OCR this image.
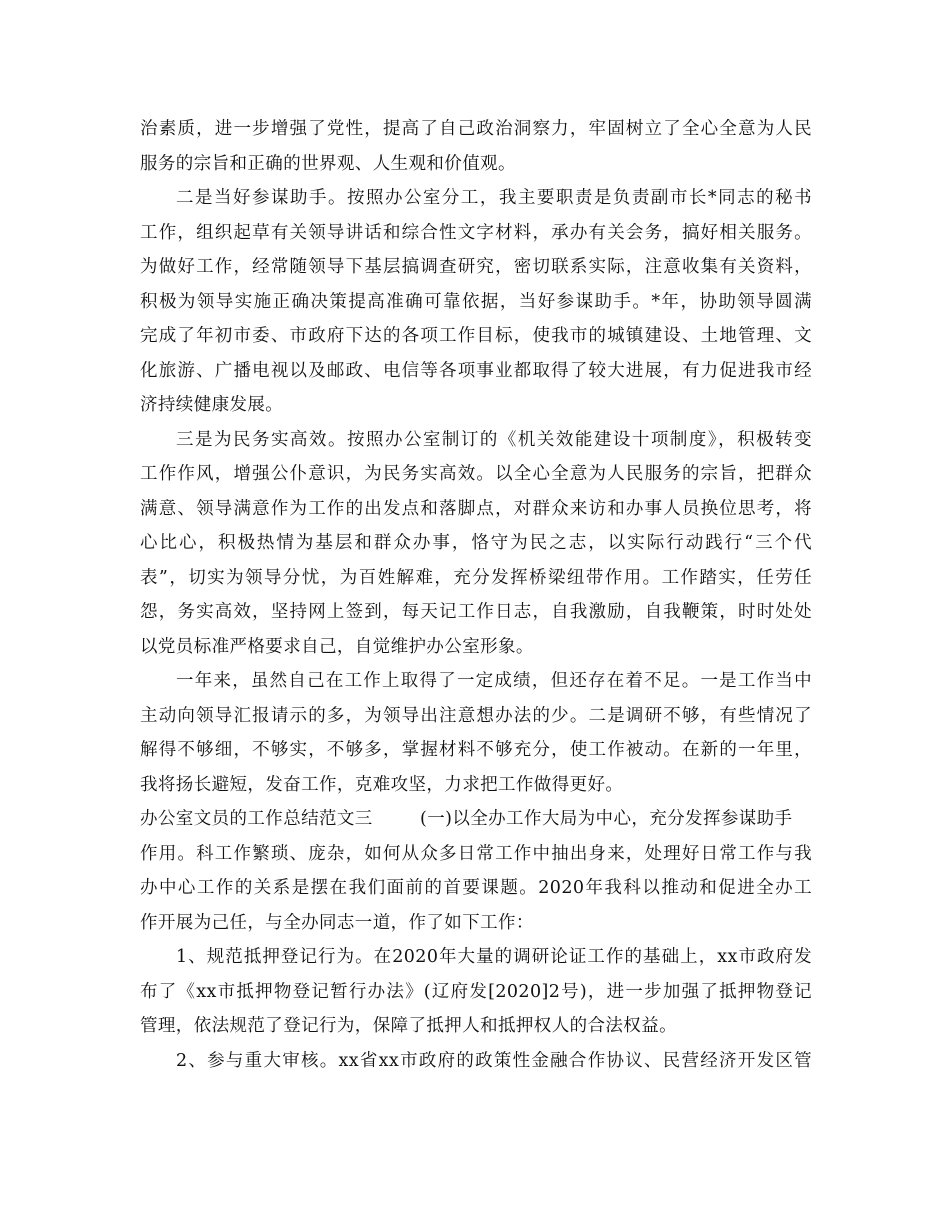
治素质，进一步增强了党性，提高了自己政治洞察力，牢固树立了全心全意为人民
服务的宗旨和正确的世界观、人生观和价值观。
二是当好参谋助手。按照办公室分工，我主要职责是负责副市长*同志的秘书
工作，组织起草有关领导讲话和综合性文字材料，承办有关会务，搞好相关服务。
为做好工作，经常随领导下基层搞调查研究，密切联系实际，注意收集有关资料，
积极为领导实施正确决策提高准确可靠依据，当好参谋助手。*年，协助领导圆满
完成了年初市委、市政府下达的各项工作目标，使我市的城镇建设、土地管理、文
化旅游、广播电视以及邮政、电信等各项事业都取得了较大进展，有力促进我市经
济持续健康发展。
三是为民务实高效。按照办公室制订的《机关效能建设十项制度》，积极转变
工作作风，增强公仆意识，为民务实高效。以全心全意为人民服务的宗旨，把群众
满意、领导满意作为工作的出发点和落脚点，对群众来访和办事人员换位思考，将
心比心，积极热情为基层和群众办事，恪守为民之志，以实际行动践行“三个代
表”，切实为领导分忧，为百姓解难，充分发挥桥梁纽带作用。工作踏实，任劳任
怨，务实高效，坚持网上签到，每天记工作日志，自我激励，自我鞭策，时时处处
以党员标准严格要求自己，自觉维护办公室形象。
一年来，虽然自己在工作上取得了一定成绩，但还存在着不足。一是工作当中
主动向领导汇报请示的多，为领导出注意想办法的少。二是调研不够，有些情况了
解得不够细，不够实，不够多，掌握材料不够充分，使工作被动。在新的一年里，
我将扬长避短，发奋工作，克难攻坚，力求把工作做得更好。
办公室文员的工作总结范文三	(一)以全办工作大局为中心，充分发挥参谋助手
作用。科工作繁琐、庞杂，如何从众多日常工作中抽出身来，处理好日常工作与我
办中心工作的关系是摆在我们面前的首要课题。2020年我科以推动和促进全办工
作开展为己任，与全办同志一道，作了如下工作：
1、规范抵押登记行为。在2020年大量的调研论证工作的基础上，xx市政府发
布了《xx市抵押物登记暂行办法》(辽府发[2020]2号)，进一步加强了抵押物登记
管理，依法规范了登记行为，保障了抵押人和抵押权人的合法权益。
2、参与重大审核。xx省xx市政府的政策性金融合作协议、民营经济开发区管
